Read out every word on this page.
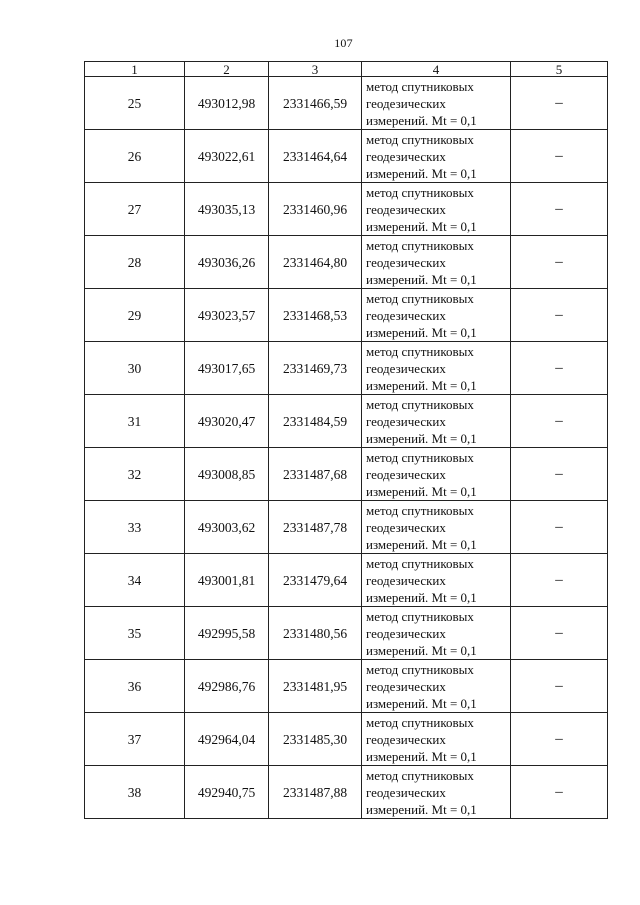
107
1	2	3	4	5
25	493012,98	2331466,59	метод спутниковых
геодезических
измерений. Mt = 0,1	–
26	493022,61	2331464,64	метод спутниковых
геодезических
измерений. Mt = 0,1	–
27	493035,13	2331460,96	метод спутниковых
геодезических
измерений. Mt = 0,1	–
28	493036,26	2331464,80	метод спутниковых
геодезических
измерений. Mt = 0,1	–
29	493023,57	2331468,53	метод спутниковых
геодезических
измерений. Mt = 0,1	–
30	493017,65	2331469,73	метод спутниковых
геодезических
измерений. Mt = 0,1	–
31	493020,47	2331484,59	метод спутниковых
геодезических
измерений. Mt = 0,1	–
32	493008,85	2331487,68	метод спутниковых
геодезических
измерений. Mt = 0,1	–
33	493003,62	2331487,78	метод спутниковых
геодезических
измерений. Mt = 0,1	–
34	493001,81	2331479,64	метод спутниковых
геодезических
измерений. Mt = 0,1	–
35	492995,58	2331480,56	метод спутниковых
геодезических
измерений. Mt = 0,1	–
36	492986,76	2331481,95	метод спутниковых
геодезических
измерений. Mt = 0,1	–
37	492964,04	2331485,30	метод спутниковых
геодезических
измерений. Mt = 0,1	–
38	492940,75	2331487,88	метод спутниковых
геодезических
измерений. Mt = 0,1	–
